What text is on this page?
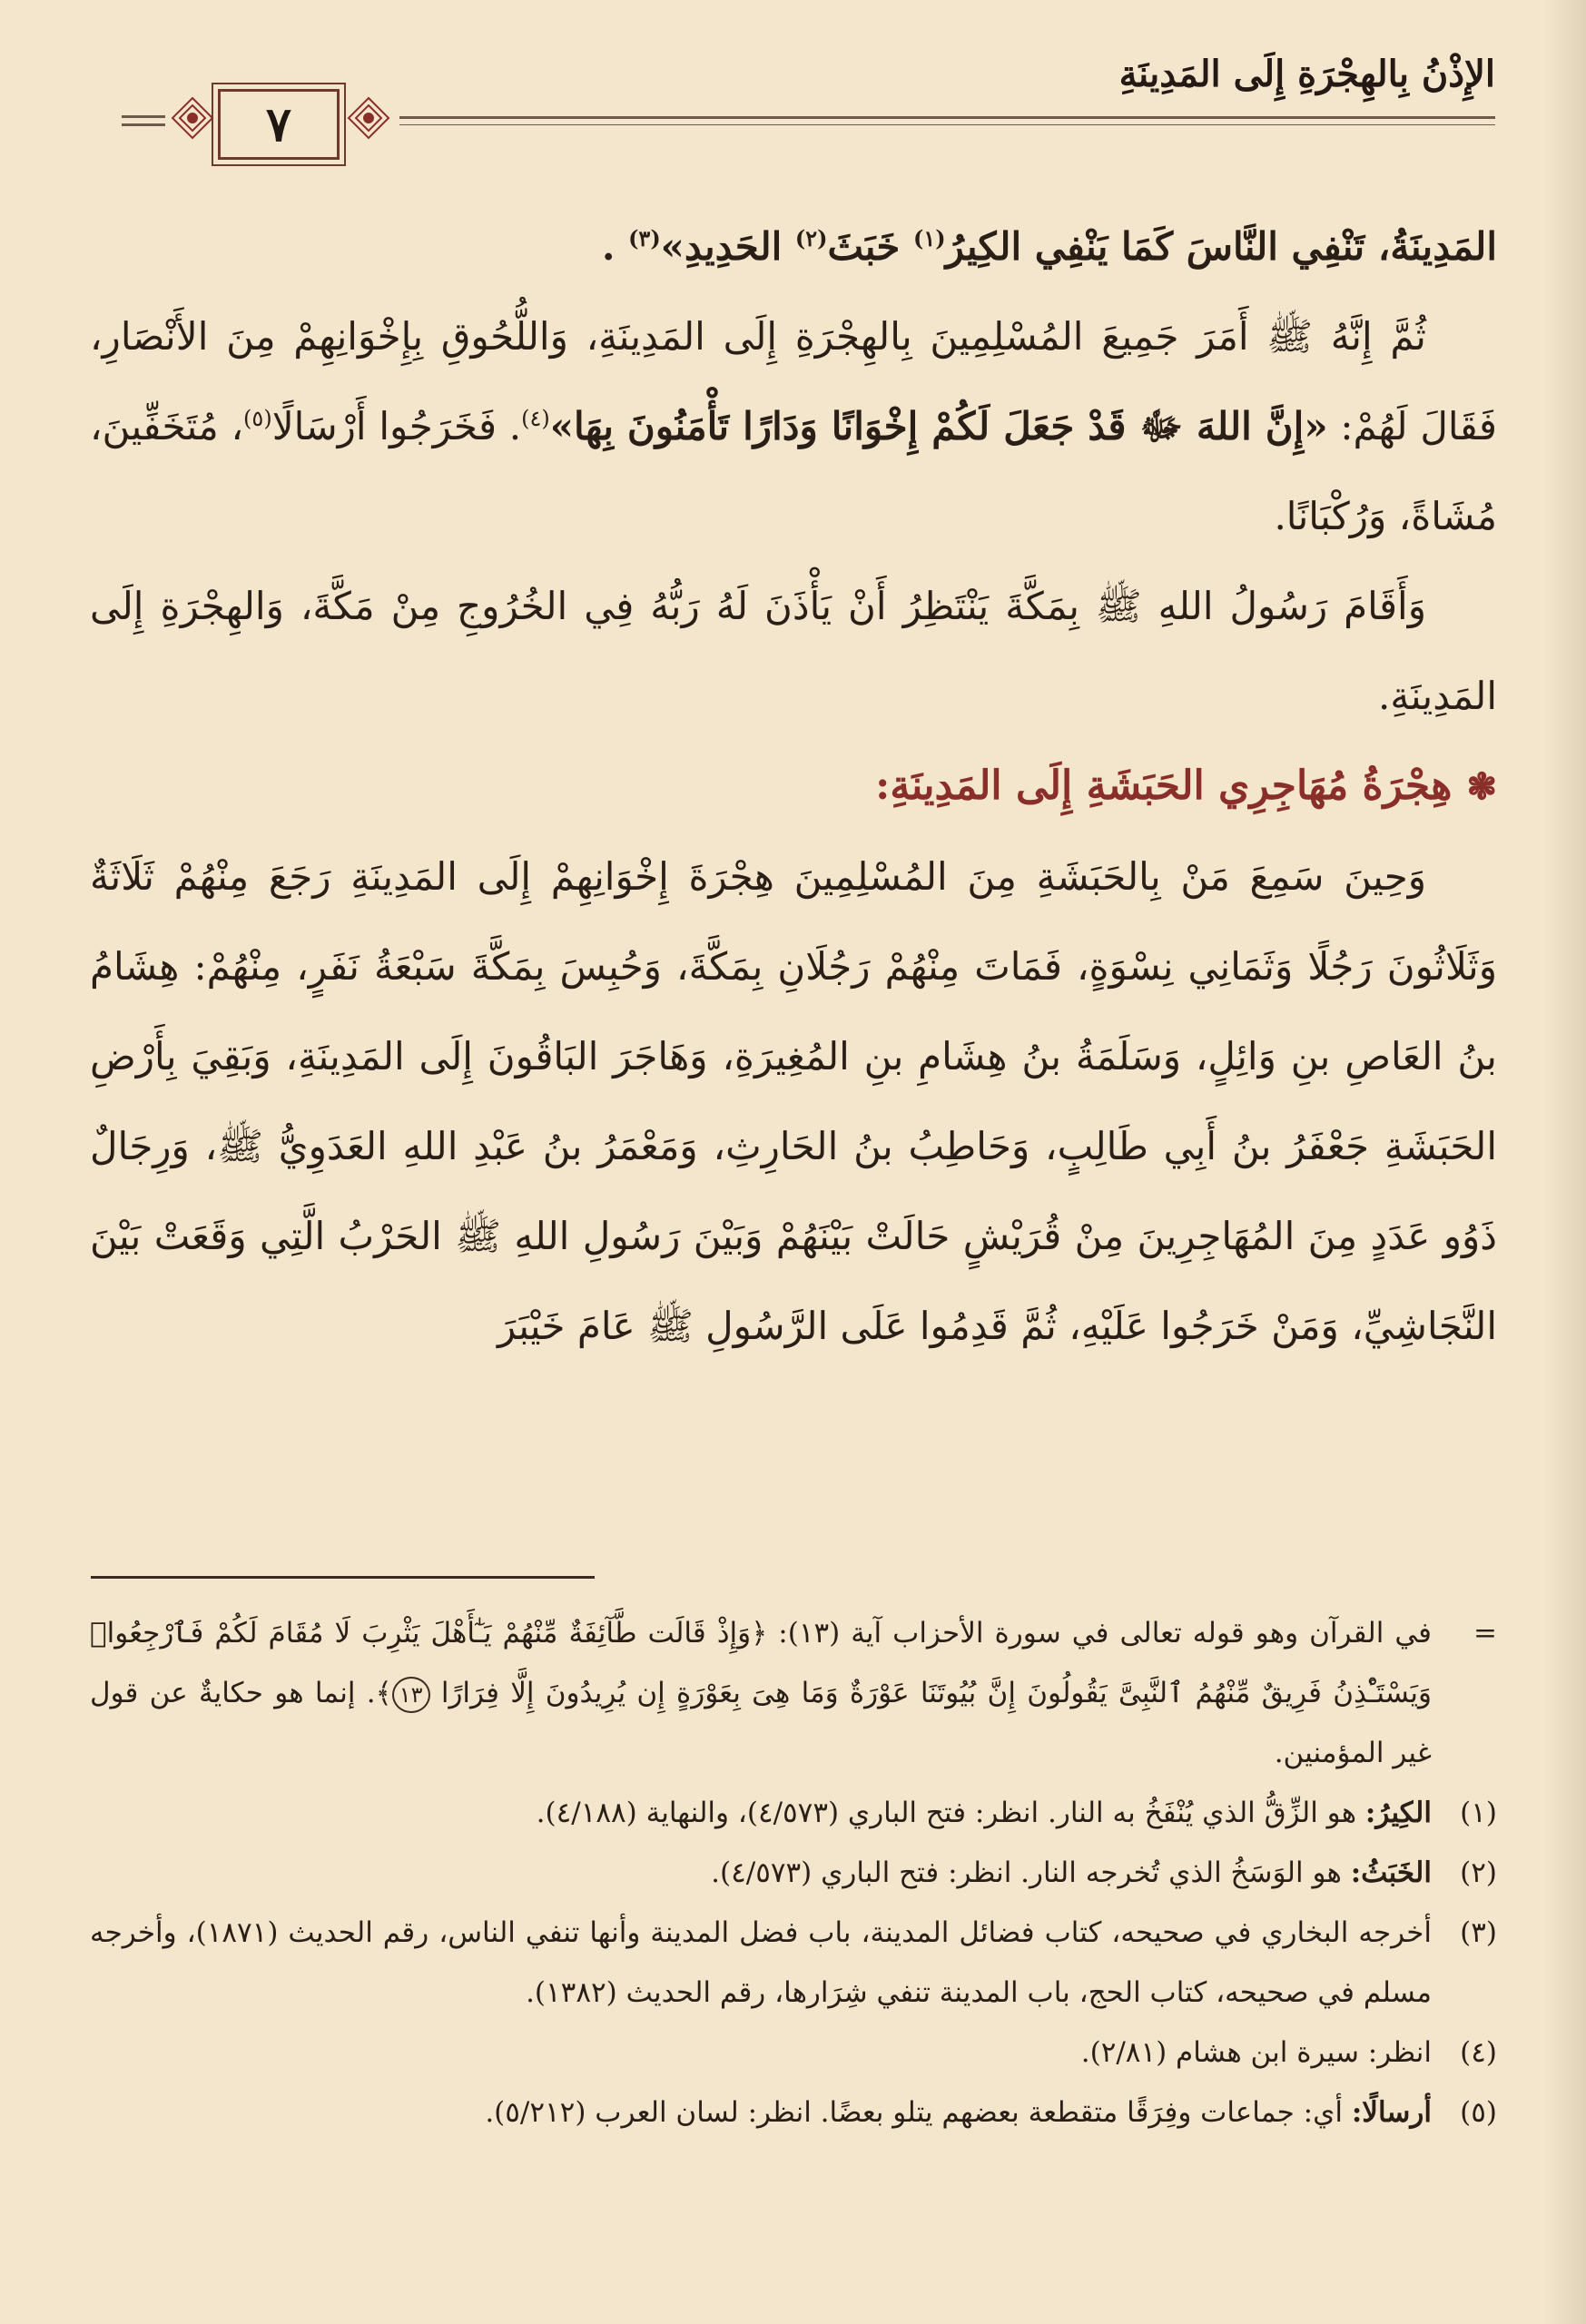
الإِذْنُ بِالهِجْرَةِ إِلَى المَدِينَةِ
٧

المَدِينَةُ، تَنْفِي النَّاسَ كَمَا يَنْفِي الكِيرُ$^{(١)}$ خَبَثَ$^{(٢)}$ الحَدِيدِ»$^{(٣)}$ .

ثُمَّ إِنَّهُ ﷺ أَمَرَ جَمِيعَ المُسْلِمِينَ بِالهِجْرَةِ إِلَى المَدِينَةِ، وَاللُّحُوقِ بِإِخْوَانِهِمْ مِنَ الأَنْصَارِ، فَقَالَ لَهُمْ: «إِنَّ اللهَ ﷻ قَدْ جَعَلَ لَكُمْ إِخْوَانًا وَدَارًا تَأْمَنُونَ بِهَا»$^{(٤)}$. فَخَرَجُوا أَرْسَالًا$^{(٥)}$، مُتَخَفِّينَ، مُشَاةً، وَرُكْبَانًا.

وَأَقَامَ رَسُولُ اللهِ ﷺ بِمَكَّةَ يَنْتَظِرُ أَنْ يَأْذَنَ لَهُ رَبُّهُ فِي الخُرُوجِ مِنْ مَكَّةَ، وَالهِجْرَةِ إِلَى المَدِينَةِ.

❃هِجْرَةُ مُهَاجِرِي الحَبَشَةِ إِلَى المَدِينَةِ:

وَحِينَ سَمِعَ مَنْ بِالحَبَشَةِ مِنَ المُسْلِمِينَ هِجْرَةَ إِخْوَانِهِمْ إِلَى المَدِينَةِ رَجَعَ مِنْهُمْ ثَلَاثَةٌ وَثَلَاثُونَ رَجُلًا وَثَمَانِي نِسْوَةٍ، فَمَاتَ مِنْهُمْ رَجُلَانِ بِمَكَّةَ، وَحُبِسَ بِمَكَّةَ سَبْعَةُ نَفَرٍ، مِنْهُمْ: هِشَامُ بنُ العَاصِ بنِ وَائِلٍ، وَسَلَمَةُ بنُ هِشَامِ بنِ المُغِيرَةِ، وَهَاجَرَ البَاقُونَ إِلَى المَدِينَةِ، وَبَقِيَ بِأَرْضِ الحَبَشَةِ جَعْفَرُ بنُ أَبِي طَالِبٍ، وَحَاطِبُ بنُ الحَارِثِ، وَمَعْمَرُ بنُ عَبْدِ اللهِ العَدَوِيُّ ﷺ، وَرِجَالٌ ذَوُو عَدَدٍ مِنَ المُهَاجِرِينَ مِنْ قُرَيْشٍ حَالَتْ بَيْنَهُمْ وَبَيْنَ رَسُولِ اللهِ ﷺ الحَرْبُ الَّتِي وَقَعَتْ بَيْنَ النَّجَاشِيِّ، وَمَنْ خَرَجُوا عَلَيْهِ، ثُمَّ قَدِمُوا عَلَى الرَّسُولِ ﷺ عَامَ خَيْبَرَ

=

في القرآن وهو قوله تعالى في سورة الأحزاب آية (١٣): ﴿وَإِذْ قَالَت طَّآئِفَةٌ مِّنْهُمْ يَـٰٓأَهْلَ يَثْرِبَ لَا مُقَامَ لَكُمْ فَٱرْجِعُوا۟ وَيَسْتَـْٔذِنُ فَرِيقٌ مِّنْهُمُ ٱلنَّبِىَّ يَقُولُونَ إِنَّ بُيُوتَنَا عَوْرَةٌ وَمَا هِىَ بِعَوْرَةٍ إِن يُرِيدُونَ إِلَّا فِرَارًا ١٣﴾. إنما هو حكايةٌ عن قول غير المؤمنين.

(١)

الكِيرُ: هو الزِّقُّ الذي يُنْفَخُ به النار. انظر: فتح الباري (٤/٥٧٣)، والنهاية (٤/١٨٨).

(٢)

الخَبَثُ: هو الوَسَخُ الذي تُخرجه النار. انظر: فتح الباري (٤/٥٧٣).

(٣)

أخرجه البخاري في صحيحه، كتاب فضائل المدينة، باب فضل المدينة وأنها تنفي الناس، رقم الحديث (١٨٧١)، وأخرجه مسلم في صحيحه، كتاب الحج، باب المدينة تنفي شِرَارها، رقم الحديث (١٣٨٢).

(٤)

انظر: سيرة ابن هشام (٢/٨١).

(٥)

أرسالًا: أي: جماعات وفِرَقًا متقطعة بعضهم يتلو بعضًا. انظر: لسان العرب (٥/٢١٢).
